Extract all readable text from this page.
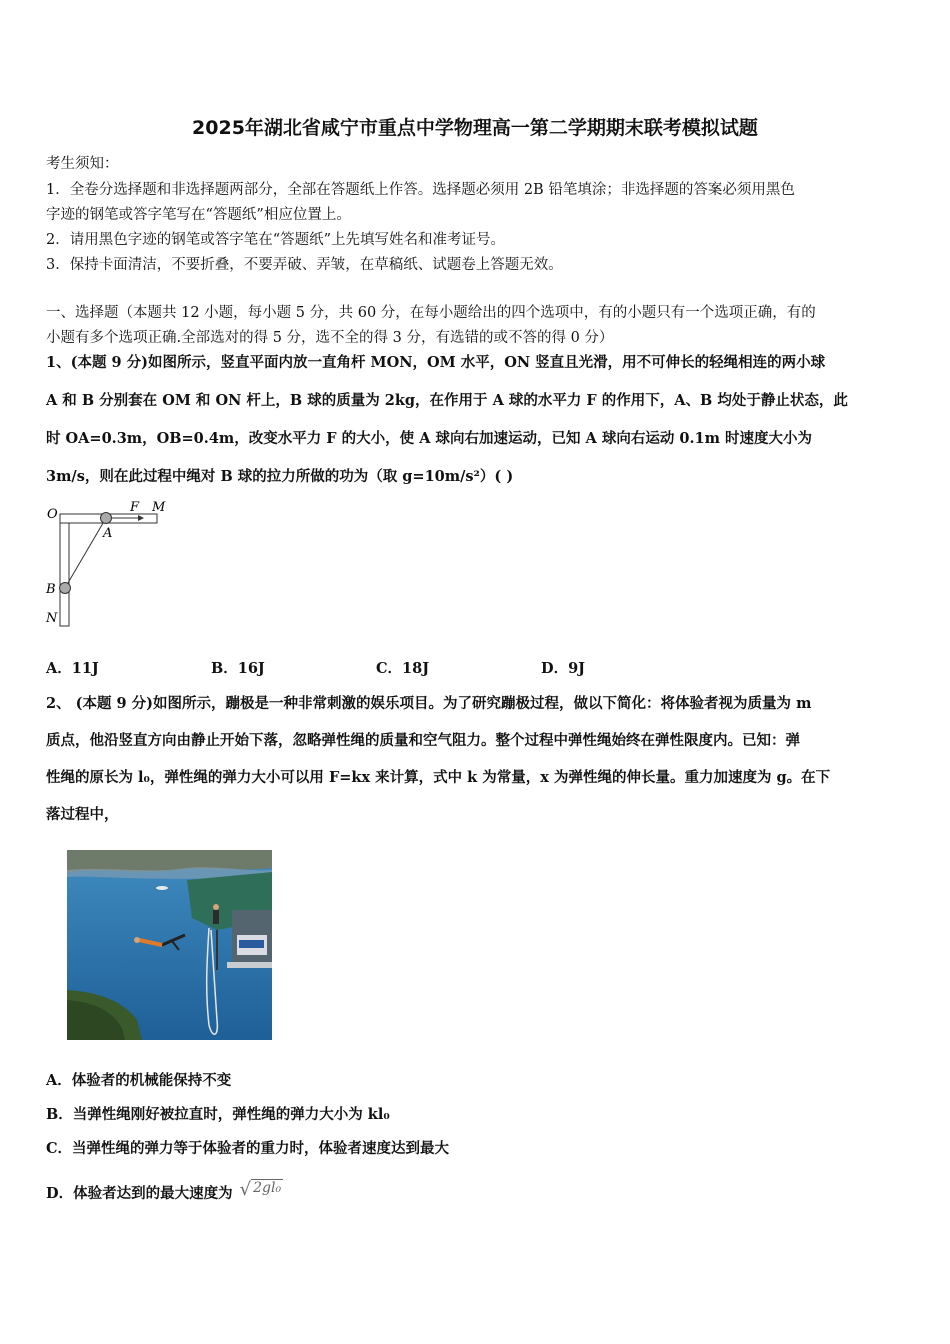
2025年湖北省咸宁市重点中学物理高一第二学期期末联考模拟试题
考生须知：
1．全卷分选择题和非选择题两部分，全部在答题纸上作答。选择题必须用 2B 铅笔填涂；非选择题的答案必须用黑色
字迹的钢笔或答字笔写在“答题纸”相应位置上。
2．请用黑色字迹的钢笔或答字笔在“答题纸”上先填写姓名和准考证号。
3．保持卡面清洁，不要折叠，不要弄破、弄皱，在草稿纸、试题卷上答题无效。
一、选择题（本题共 12 小题，每小题 5 分，共 60 分，在每小题给出的四个选项中，有的小题只有一个选项正确，有的
小题有多个选项正确.全部选对的得 5 分，选不全的得 3 分，有选错的或不答的得 0 分）
1、(本题 9 分)如图所示，竖直平面内放一直角杆 MON，OM 水平，ON 竖直且光滑，用不可伸长的轻绳相连的两小球
A 和 B 分别套在 OM 和 ON 杆上，B 球的质量为 2kg，在作用于 A 球的水平力 F 的作用下，A、B 均处于静止状态，此
时 OA=0.3m，OB=0.4m，改变水平力 F 的大小，使 A 球向右加速运动，已知 A 球向右运动 0.1m 时速度大小为
3m/s，则在此过程中绳对 B 球的拉力所做的功为（取 g=10m/s²）( )
O	F M
A
B
N
A．11J	B．16J	C．18J	D．9J
2、 (本题 9 分)如图所示，蹦极是一种非常刺激的娱乐项目。为了研究蹦极过程，做以下简化：将体验者视为质量为 m
质点，他沿竖直方向由静止开始下落，忽略弹性绳的质量和空气阻力。整个过程中弹性绳始终在弹性限度内。已知：弹
性绳的原长为 l₀，弹性绳的弹力大小可以用 F=kx 来计算，式中 k 为常量，x 为弹性绳的伸长量。重力加速度为 g。在下
落过程中，
A．体验者的机械能保持不变
B．当弹性绳刚好被拉直时，弹性绳的弹力大小为 kl₀
C．当弹性绳的弹力等于体验者的重力时，体验者速度达到最大
D．体验者达到的最大速度为 √ 2gl₀
